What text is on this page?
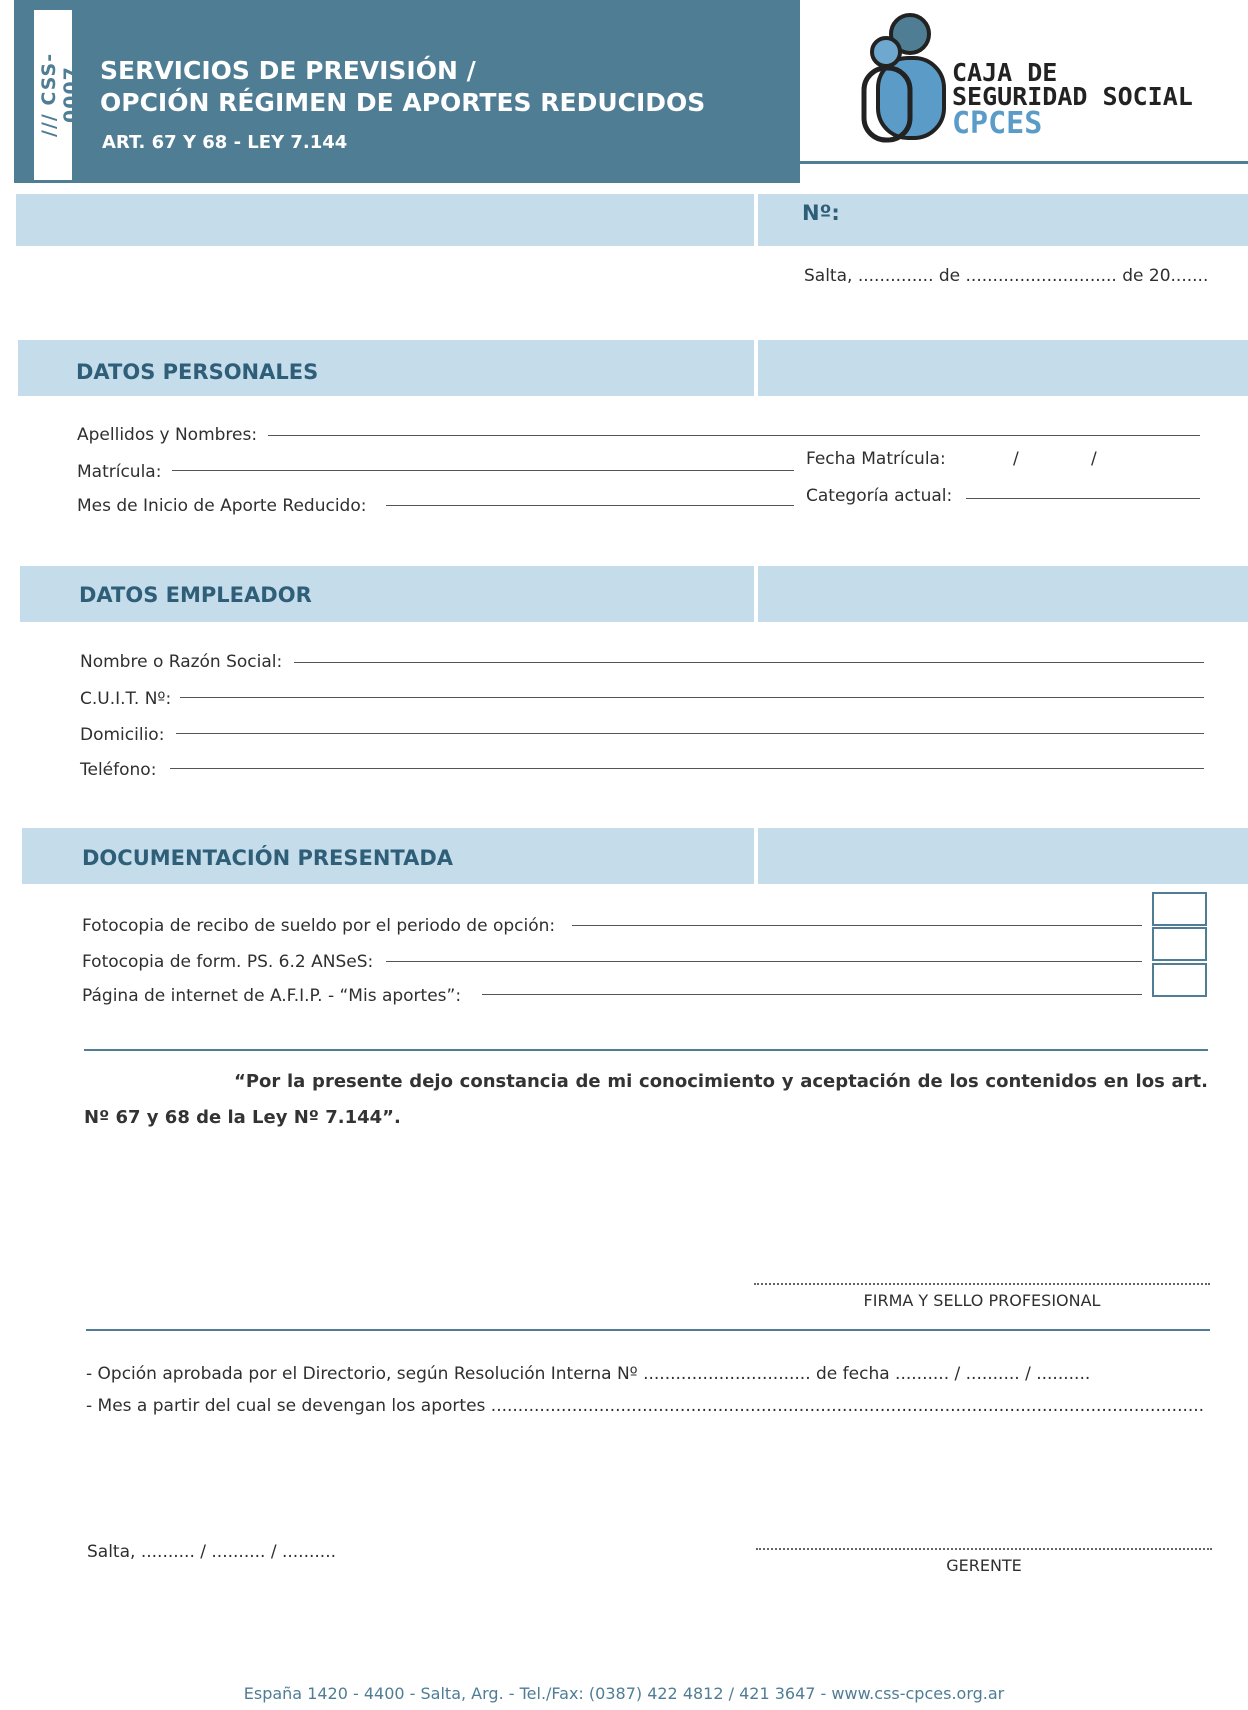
/// CSS-0007 SERVICIOS DE PREVISIÓN /
OPCIÓN RÉGIMEN DE APORTES REDUCIDOS
ART. 67 Y 68 - LEY 7.144
CAJA DE
SEGURIDAD SOCIAL
CPCES
Nº:
Salta, .............. de ............................ de 20.......
DATOS PERSONALES
Apellidos y Nombres:
Matrícula:
Fecha Matrícula:	/	/
Mes de Inicio de Aporte Reducido:	Categoría actual:
DATOS EMPLEADOR
Nombre o Razón Social:
C.U.I.T. Nº:
Domicilio:
Teléfono:
DOCUMENTACIÓN PRESENTADA
Fotocopia de recibo de sueldo por el periodo de opción:
Fotocopia de form. PS. 6.2 ANSeS:
Página de internet de A.F.I.P. - “Mis aportes”:
“Por la presente dejo constancia de mi conocimiento y aceptación de los contenidos en los art. Nº 67 y 68 de la Ley Nº 7.144”.
FIRMA Y SELLO PROFESIONAL
- Opción aprobada por el Directorio, según Resolución Interna Nº ............................... de fecha .......... / .......... / ..........
- Mes a partir del cual se devengan los aportes ....................................................................................................................................
Salta, .......... / .......... / ..........
GERENTE
España 1420 - 4400 - Salta, Arg. - Tel./Fax: (0387) 422 4812 / 421 3647 - www.css-cpces.org.ar
